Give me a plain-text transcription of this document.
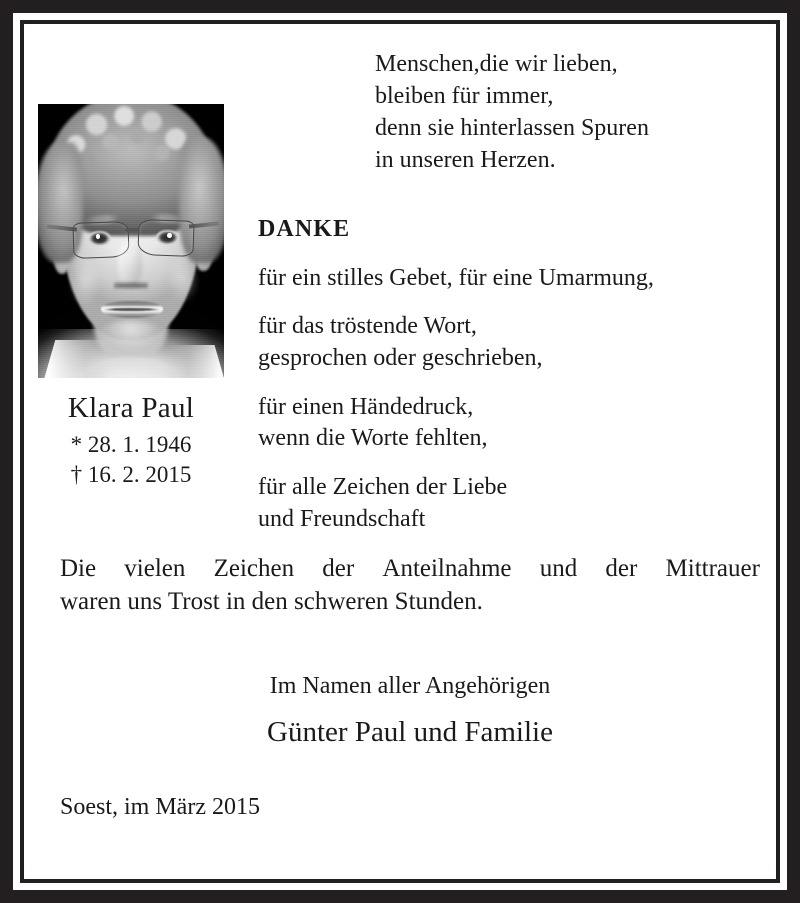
Klara Paul
* 28. 1. 1946
† 16. 2. 2015
Menschen,die wir lieben,
bleiben für immer,
denn sie hinterlassen Spuren
in unseren Herzen.
DANKE
für ein stilles Gebet, für eine Umarmung,
für das tröstende Wort,
gesprochen oder geschrieben,
für einen Händedruck,
wenn die Worte fehlten,
für alle Zeichen der Liebe
und Freundschaft
Die vielen Zeichen der Anteilnahme und der Mittrauer
waren uns Trost in den schweren Stunden.
Im Namen aller Angehörigen
Günter Paul und Familie
Soest, im März 2015
